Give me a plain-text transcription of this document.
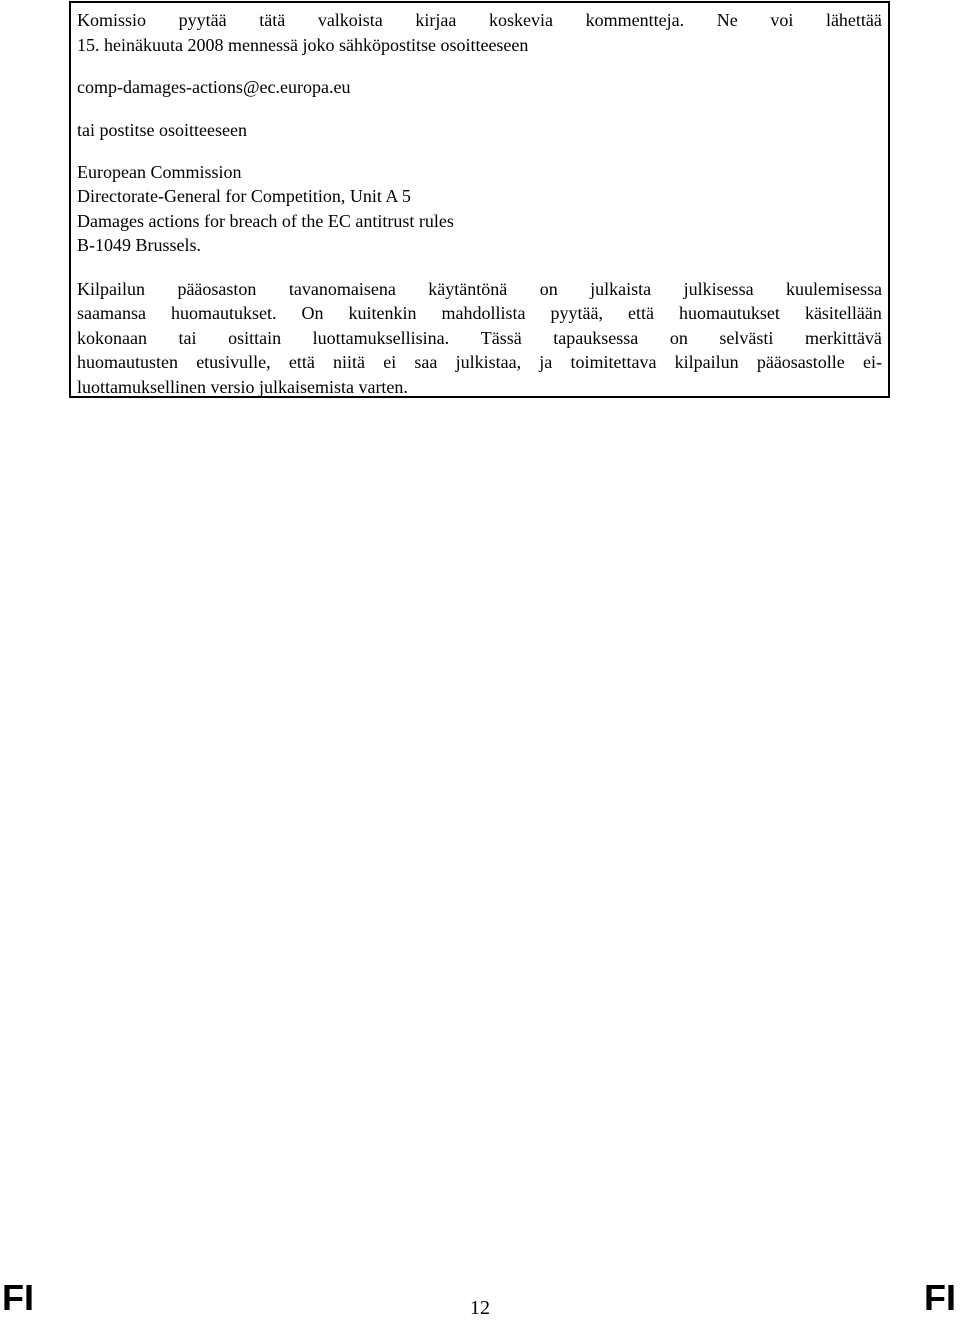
Komissio pyytää tätä valkoista kirjaa koskevia kommentteja. Ne voi lähettää
15. heinäkuuta 2008 mennessä joko sähköpostitse osoitteeseen
comp-damages-actions@ec.europa.eu
tai postitse osoitteeseen
European Commission
Directorate-General for Competition, Unit A 5
Damages actions for breach of the EC antitrust rules
B-1049 Brussels.
Kilpailun pääosaston tavanomaisena käytäntönä on julkaista julkisessa kuulemisessa
saamansa huomautukset. On kuitenkin mahdollista pyytää, että huomautukset käsitellään
kokonaan tai osittain luottamuksellisina. Tässä tapauksessa on selvästi merkittävä
huomautusten etusivulle, että niitä ei saa julkistaa, ja toimitettava kilpailun pääosastolle ei-
luottamuksellinen versio julkaisemista varten.
FI	12	FI
